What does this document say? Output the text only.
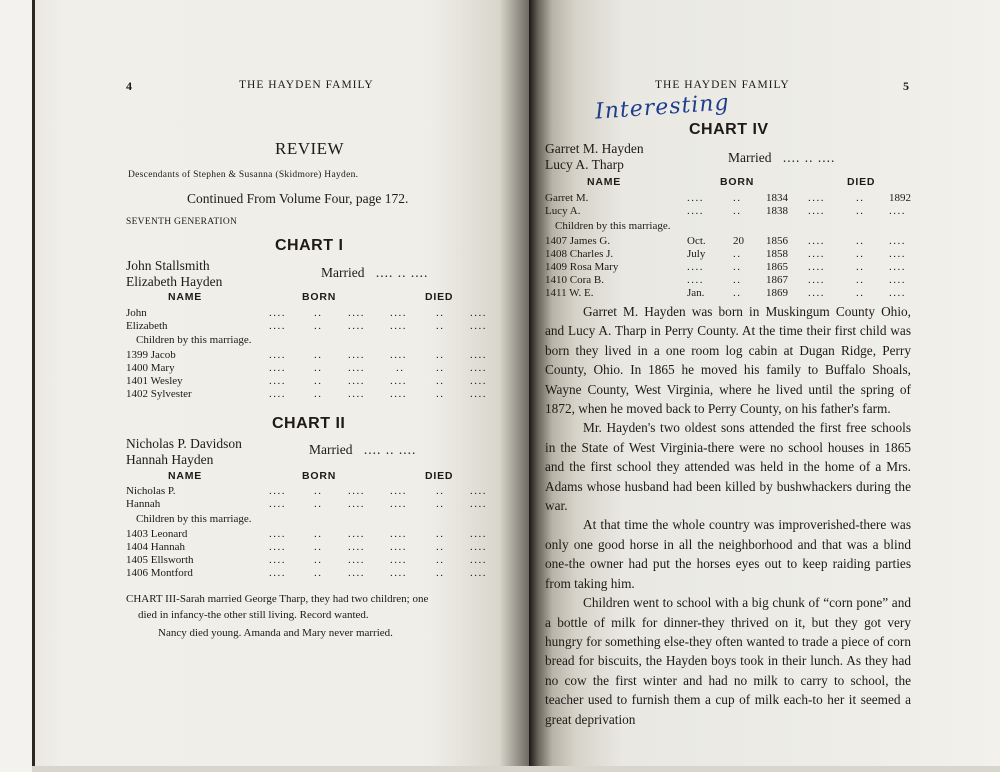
4	THE HAYDEN FAMILY
REVIEW
Descendants of Stephen & Susanna (Skidmore) Hayden.
Continued From Volume Four, page 172.
SEVENTH GENERATION
CHART I
John Stallsmith
Elizabeth Hayden
Married .... .. ....
NAME	BORN	DIED
John	....	.. .... ....	.. ....
Elizabeth	....	.. .... ....	.. ....
Children by this marriage.
1399 Jacob	....	.. .... ....	.. ....
1400 Mary	....	.. ....	..	.. ....
1401 Wesley	....	.. .... ....	.. ....
1402 Sylvester	....	.. .... ....	.. ....
CHART II
Nicholas P. Davidson
Hannah Hayden
Married .... .. ....
NAME	BORN	DIED
Nicholas P.	....	.. .... ....	.. ....
Hannah	....	.. .... ....	.. ....
Children by this marriage.
1403 Leonard	....	.. .... ....	.. ....
1404 Hannah	....	.. .... ....	.. ....
1405 Ellsworth	....	.. .... ....	.. ....
1406 Montford	....	.. .... ....	.. ....
CHART III-Sarah married George Tharp, they had two children; one
died in infancy-the other still living. Record wanted.
Nancy died young. Amanda and Mary never married.
THE HAYDEN FAMILY	5
Interesting
CHART IV
Garret M. Hayden
Lucy A. Tharp	Married .... .. ....
NAME	BORN	DIED
Garret M.	....	.. 1834 ....	.. 1892
Lucy A.	....	.. 1838 ....	.. ....
Children by this marriage.
1407 James G.	Oct. 20 1856 ....	.. ....
1408 Charles J.	July	.. 1858 ....	.. ....
1409 Rosa Mary	....	.. 1865 ....	.. ....
1410 Cora B.	....	.. 1867 ....	.. ....
1411 W. E.	Jan.	.. 1869 ....	.. ....

Garret M. Hayden was born in Muskingum County Ohio, and Lucy A. Tharp in Perry County. At the time their first child was born they lived in a one room log cabin at Dugan Ridge, Perry County, Ohio. In 1865 he moved his family to Buffalo Shoals, Wayne County, West Virginia, where he lived until the spring of 1872, when he moved back to Perry County, on his father's farm.

Mr. Hayden's two oldest sons attended the first free schools in the State of West Virginia-there were no school houses in 1865 and the first school they attended was held in the home of a Mrs. Adams whose husband had been killed by bushwhackers during the war.

At that time the whole country was improverished-there was only one good horse in all the neighborhood and that was a blind one-the owner had put the horses eyes out to keep raiding parties from taking him.

Children went to school with a big chunk of “corn pone” and a bottle of milk for dinner-they thrived on it, but they got very hungry for something else-they often wanted to trade a piece of corn bread for biscuits, the Hayden boys took in their lunch. As they had no cow the first winter and had no milk to carry to school, the teacher used to furnish them a cup of milk each-to her it seemed a great deprivation
